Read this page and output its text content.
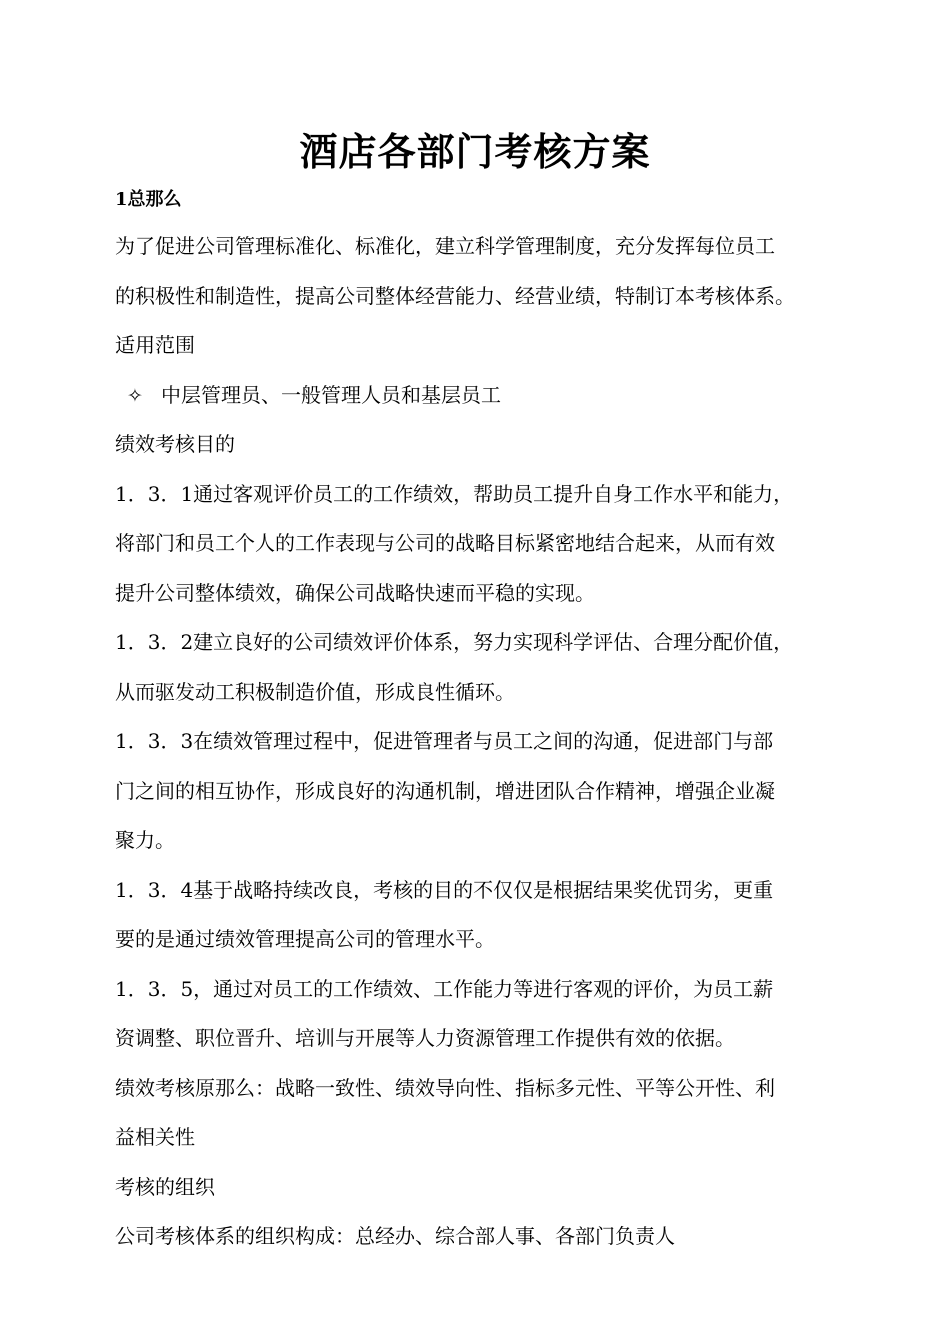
酒店各部门考核方案
1总那么
为了促进公司管理标准化、标准化，建立科学管理制度，充分发挥每位员工
的积极性和制造性，提高公司整体经营能力、经营业绩，特制订本考核体系。
适用范围
✧ 中层管理员、一般管理人员和基层员工
绩效考核目的
1．3．1通过客观评价员工的工作绩效，帮助员工提升自身工作水平和能力，
将部门和员工个人的工作表现与公司的战略目标紧密地结合起来，从而有效
提升公司整体绩效，确保公司战略快速而平稳的实现。
1．3．2建立良好的公司绩效评价体系，努力实现科学评估、合理分配价值，
从而驱发动工积极制造价值，形成良性循环。
1．3．3在绩效管理过程中，促进管理者与员工之间的沟通，促进部门与部
门之间的相互协作，形成良好的沟通机制，增进团队合作精神，增强企业凝
聚力。
1．3．4基于战略持续改良，考核的目的不仅仅是根据结果奖优罚劣，更重
要的是通过绩效管理提高公司的管理水平。
1．3．5，通过对员工的工作绩效、工作能力等进行客观的评价，为员工薪
资调整、职位晋升、培训与开展等人力资源管理工作提供有效的依据。
绩效考核原那么：战略一致性、绩效导向性、指标多元性、平等公开性、利
益相关性
考核的组织
公司考核体系的组织构成：总经办、综合部人事、各部门负责人
